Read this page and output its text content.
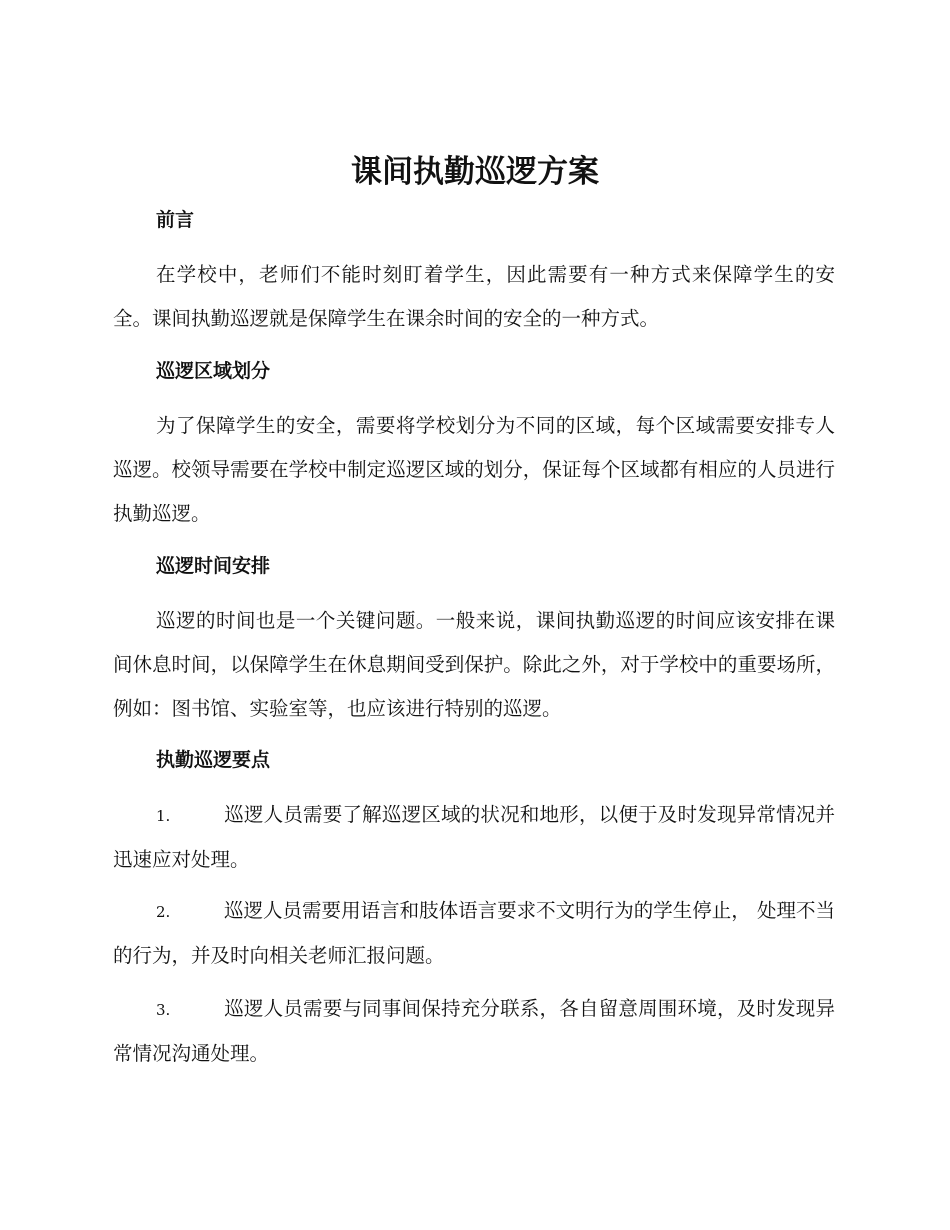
课间执勤巡逻方案
前言

在学校中，老师们不能时刻盯着学生，因此需要有一种方式来保障学生的安全。课间执勤巡逻就是保障学生在课余时间的安全的一种方式。

巡逻区域划分

为了保障学生的安全，需要将学校划分为不同的区域，每个区域需要安排专人巡逻。校领导需要在学校中制定巡逻区域的划分，保证每个区域都有相应的人员进行执勤巡逻。

巡逻时间安排

巡逻的时间也是一个关键问题。一般来说，课间执勤巡逻的时间应该安排在课间休息时间，以保障学生在休息期间受到保护。除此之外，对于学校中的重要场所，例如：图书馆、实验室等，也应该进行特别的巡逻。

执勤巡逻要点

1.	巡逻人员需要了解巡逻区域的状况和地形，以便于及时发现异常情况并迅速应对处理。

2.	巡逻人员需要用语言和肢体语言要求不文明行为的学生停止， 处理不当的行为，并及时向相关老师汇报问题。

3.	巡逻人员需要与同事间保持充分联系，各自留意周围环境，及时发现异常情况沟通处理。
